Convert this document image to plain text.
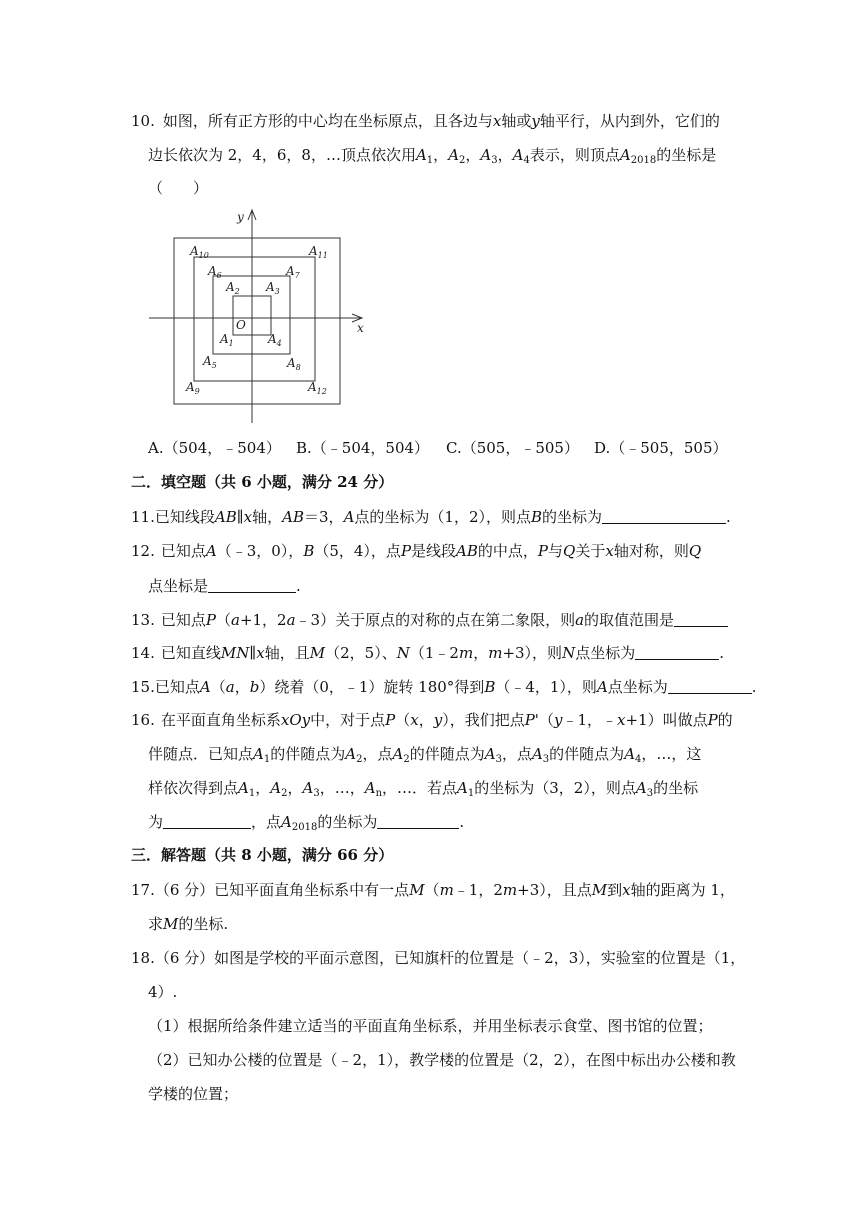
10. 如图，所有正方形的中心均在坐标原点，且各边与x轴或y轴平行，从内到外，它们的
边长依次为 2，4，6，8，…顶点依次用$A_1$，$A_2$，$A_3$，$A_4$表示，则顶点$A_{2018}$的坐标是
（　　）
y
x
O
$A_{10}$	$A_{11}$
$A_6$	$A_7$
$A_2$ $A_3$
$A_1$	$A_4$
$A_5$	$A_8$
$A_9$	$A_{12}$
A.（504，﹣504） B.（﹣504，504） C.（505，﹣505） D.（﹣505，505）
二．填空题（共 6 小题，满分 24 分）
11.已知线段AB∥x轴，AB＝3，A点的坐标为（1，2），则点B的坐标为	.
12. 已知点A（﹣3，0），B（5，4），点P是线段AB的中点，P与Q关于x轴对称，则Q
点坐标是	.
13. 已知点P（a+1，2a﹣3）关于原点的对称的点在第二象限，则a的取值范围是
14. 已知直线MN∥x轴，且M（2，5）、N（1﹣2m，m+3），则N点坐标为	.
15.已知点A（a，b）绕着（0，﹣1）旋转 180°得到B（﹣4，1），则A点坐标为	.
16. 在平面直角坐标系xOy中，对于点P（x，y），我们把点P'（y﹣1，﹣x+1）叫做点P的
伴随点．已知点$A_1$的伴随点为$A_2$，点$A_2$的伴随点为$A_3$，点$A_3$的伴随点为$A_4$，…，这
样依次得到点$A_1$，$A_2$，$A_3$，…，$A_n$，…．若点$A_1$的坐标为（3，2），则点$A_3$的坐标
为	，点$A_{2018}$的坐标为	.
三．解答题（共 8 小题，满分 66 分）
17.（6 分）已知平面直角坐标系中有一点M（m﹣1，2m+3），且点M到x轴的距离为 1，
求M的坐标.
18.（6 分）如图是学校的平面示意图，已知旗杆的位置是（﹣2，3），实验室的位置是（1，
4）.
（1）根据所给条件建立适当的平面直角坐标系，并用坐标表示食堂、图书馆的位置；
（2）已知办公楼的位置是（﹣2，1），教学楼的位置是（2，2），在图中标出办公楼和教
学楼的位置；
